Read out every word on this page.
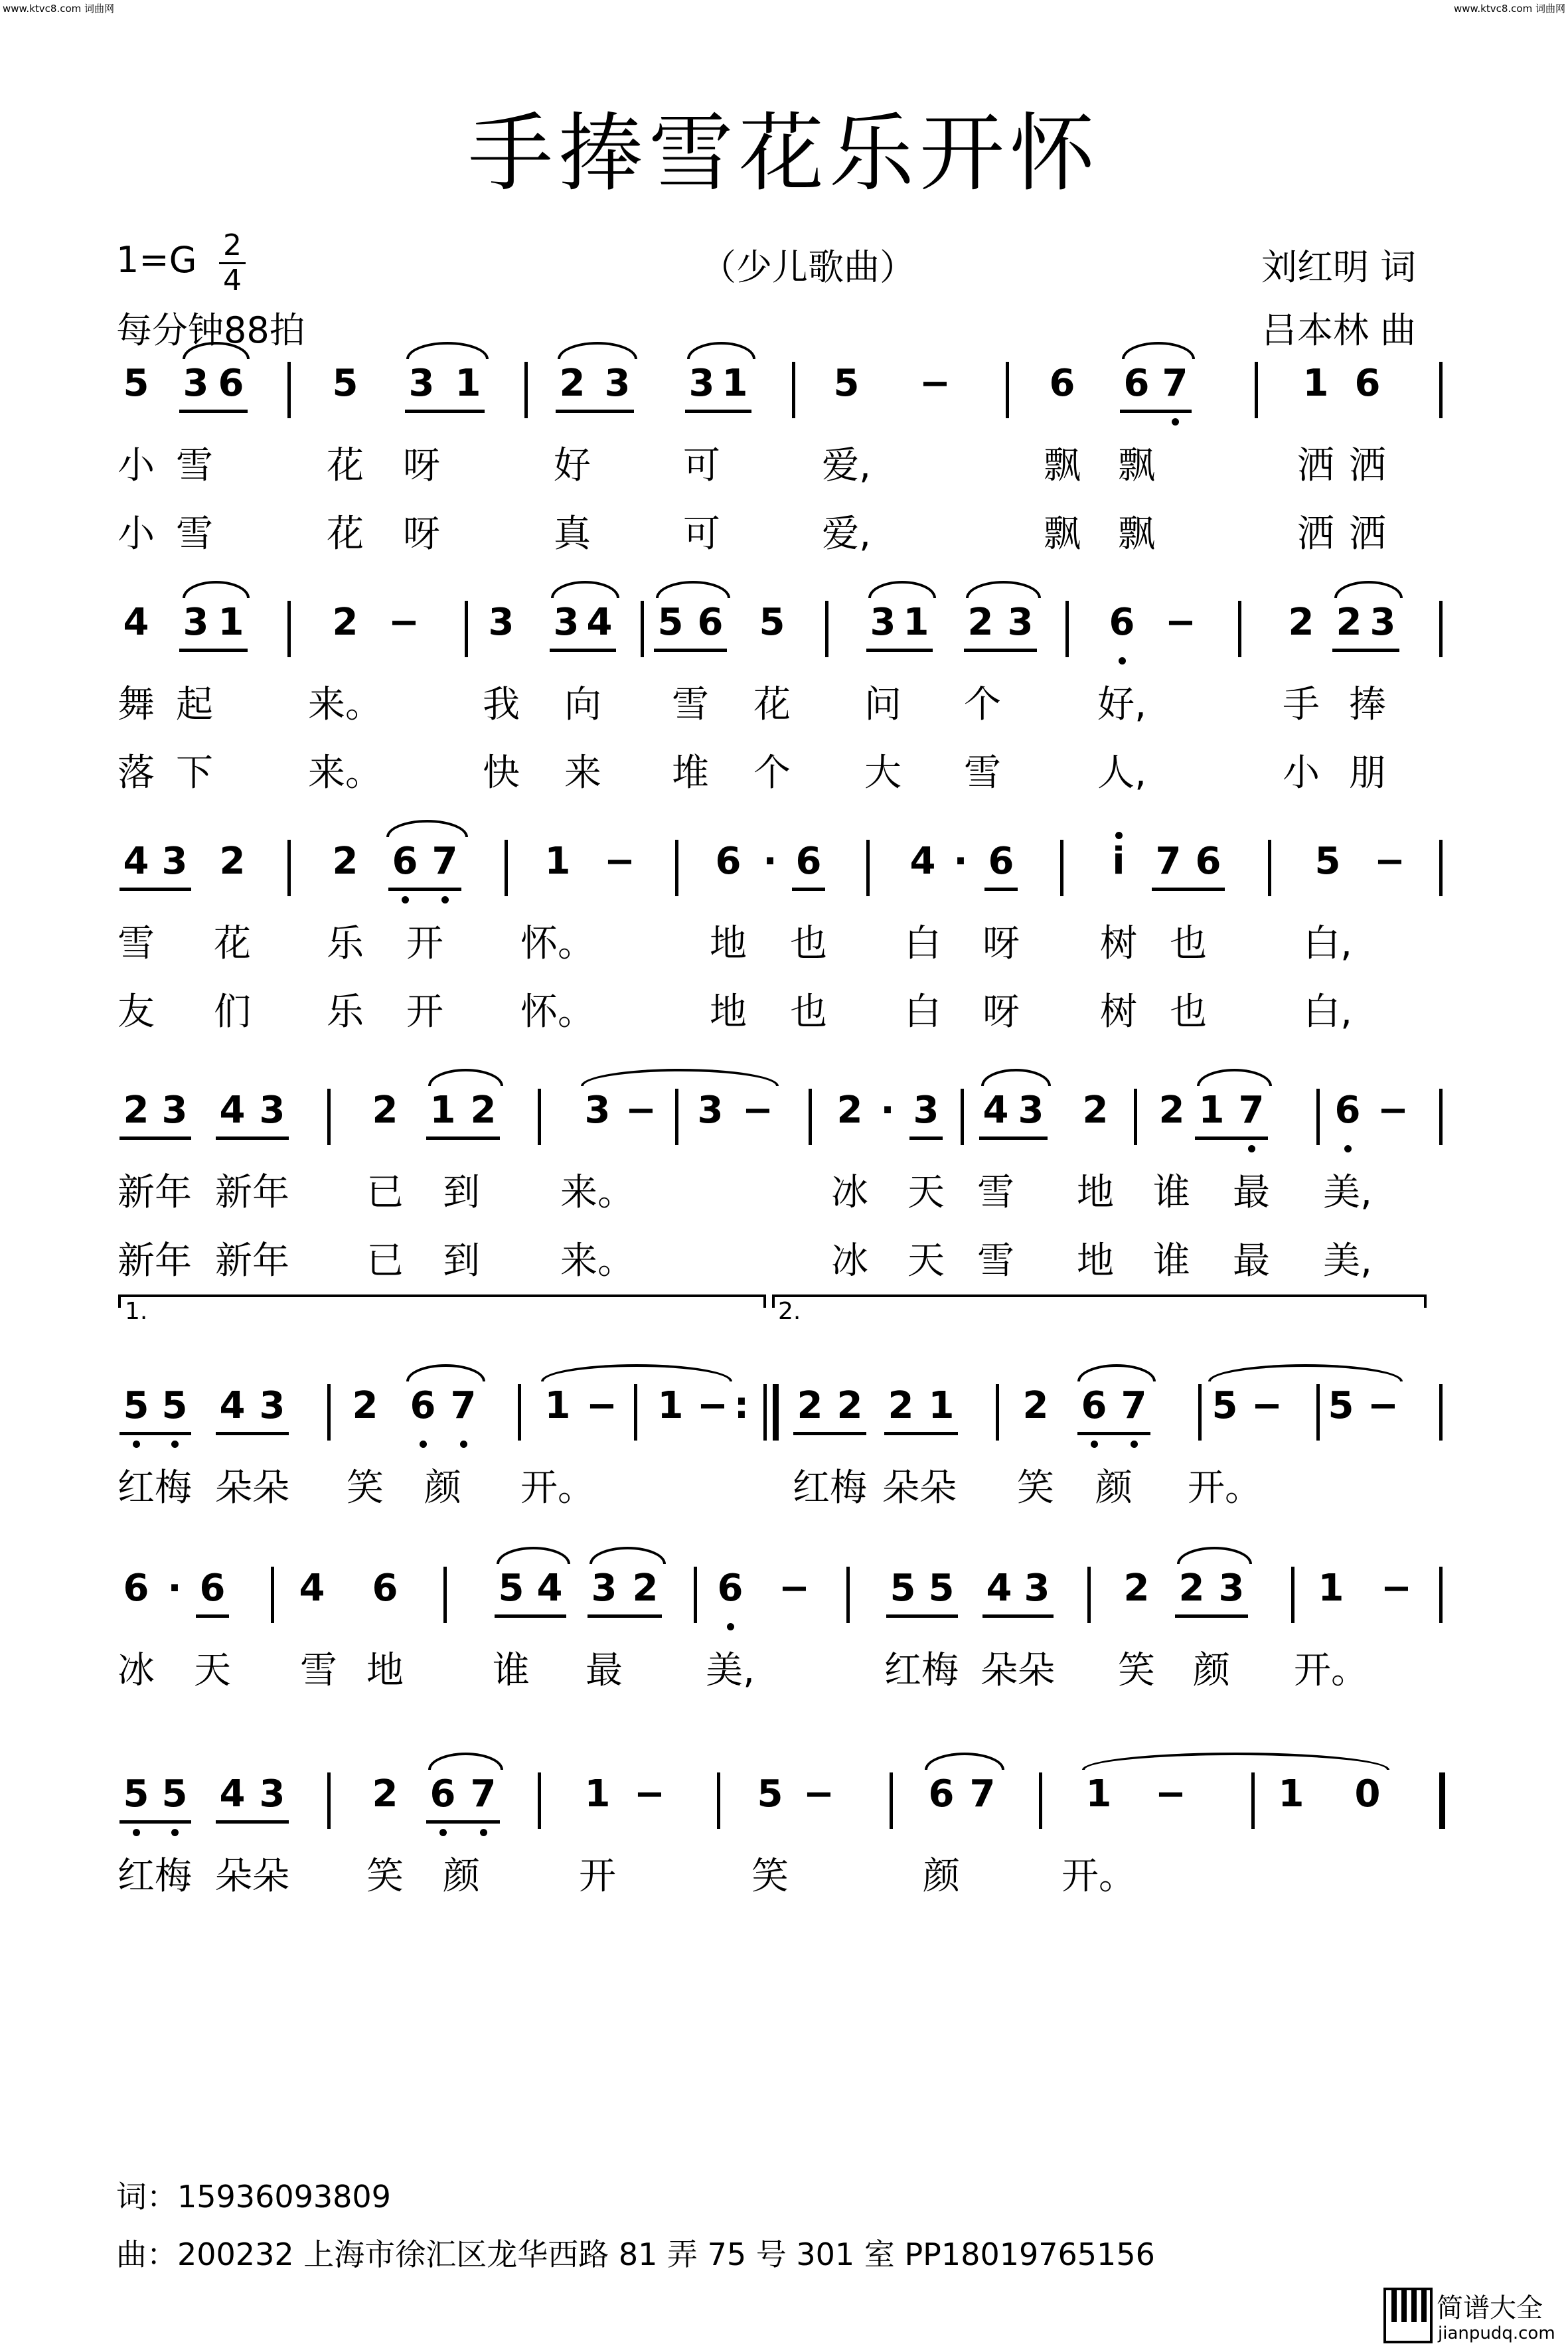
www.ktvc8.com 词曲网	www.ktvc8.com 词曲网
手捧雪花乐开怀
1=G 2
4
每分钟88拍
（少儿歌曲）	刘红明 词
吕本林 曲
5 3 6 5 3 1 2 3 3 1 5 −	6 6 7	1 6
小 雪	花	呀	好	可	爱,	飘	飘	洒 洒
小 雪	花	呀	真	可	爱,	飘	飘	洒 洒
4 3 1 2 − 3 3 4 5 6 5 3 1 2 3 6 − 2 2 3
舞 起	来。	我	向	雪	花	问	个	好,	手 捧
落 下	来。	快	来	堆	个	大	雪	人,	小 朋
4 3 2 2 6 7 1 − 6 · 6 4 · 6	i 7 6	5 −
雪	花	乐	开	怀。	地	也	白	呀	树 也	白,
友	们	乐	开	怀。	地	也	白	呀	树 也	白,
2 3 4 3 2 1 2 3 − 3 − 2 · 3 4 3 2 2 1 7 6 −
新年 新年	已	到	来。	冰	天 雪	地	谁	最	美,
新年 新年	已	到	来。	冰	天 雪	地	谁	最	美,
5 5 4 3 2 6 7 1 − 1 − : 2 2 2 1 2 6 7 5 − 5 −
1.	2.
红梅 朵朵	笑	颜	开。	红梅 朵朵	笑	颜	开。
6 · 6 4 6	5 4 3 2 6 − 5 5 4 3 2 2 3 1 −
冰	天	雪 地	谁	最	美,	红梅 朵朵	笑	颜	开。
5 5 4 3 2 6 7 1 − 5 −	6 7 1 − 1 0
红梅 朵朵	笑	颜	开	笑	颜	开。
词：15936093809
曲：200232 上海市徐汇区龙华西路 81 弄 75 号 301 室 PP18019765156
简谱大全
jianpudq.com
